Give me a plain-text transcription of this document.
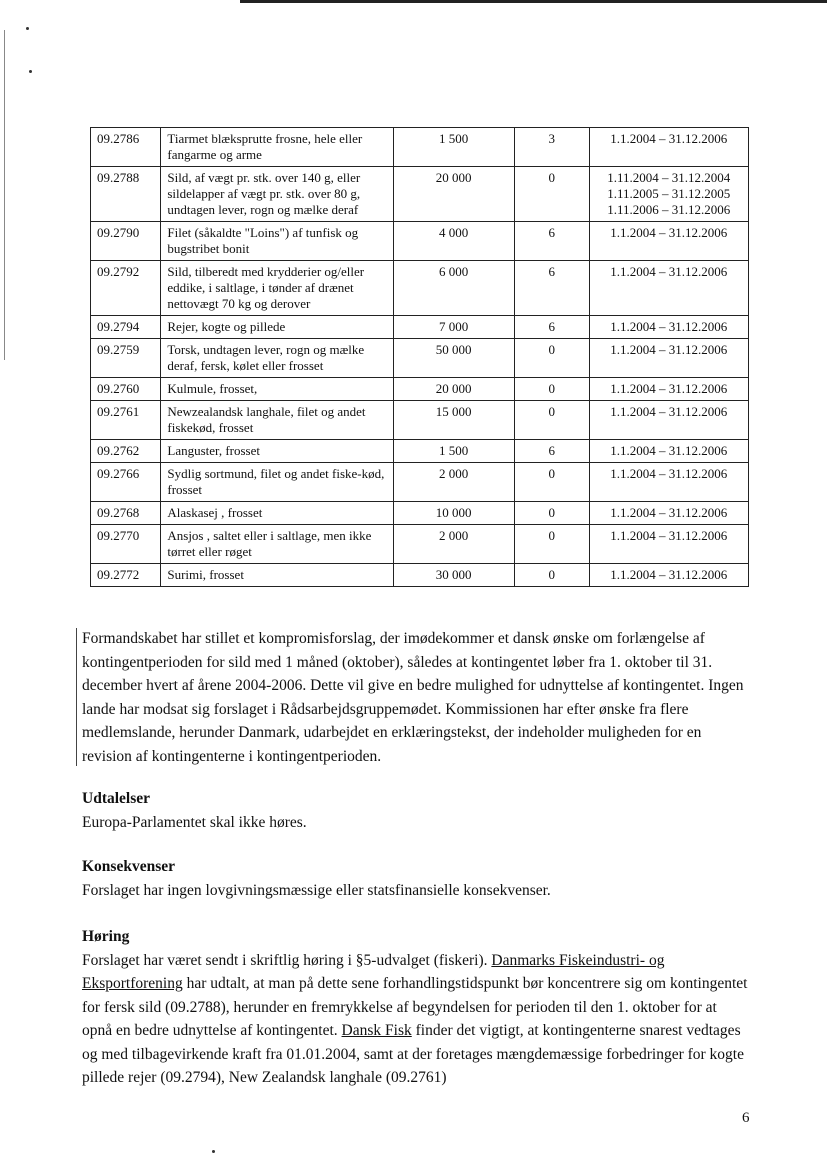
09.2786	Tiarmet blæksprutte frosne, hele eller fangarme og arme	1 500	3	1.1.2004 – 31.12.2006

09.2788	Sild, af vægt pr. stk. over 140 g, eller sildelapper af vægt pr. stk. over 80 g, undtagen lever, rogn og mælke deraf	20 000	0	1.11.2004 – 31.12.2004
1.11.2005 – 31.12.2005
1.11.2006 – 31.12.2006

09.2790	Filet (såkaldte "Loins") af tunfisk og bugstribet bonit	4 000	6	1.1.2004 – 31.12.2006

09.2792	Sild, tilberedt med krydderier og/eller eddike, i saltlage, i tønder af drænet nettovægt 70 kg og derover	6 000	6	1.1.2004 – 31.12.2006

09.2794	Rejer, kogte og pillede	7 000	6	1.1.2004 – 31.12.2006

09.2759	Torsk, undtagen lever, rogn og mælke deraf, fersk, kølet eller frosset	50 000	0	1.1.2004 – 31.12.2006

09.2760	Kulmule, frosset,	20 000	0	1.1.2004 – 31.12.2006

09.2761	Newzealandsk langhale, filet og andet fiskekød, frosset	15 000	0	1.1.2004 – 31.12.2006

09.2762	Languster, frosset	1 500	6	1.1.2004 – 31.12.2006

09.2766	Sydlig sortmund, filet og andet fiske-kød, frosset	2 000	0	1.1.2004 – 31.12.2006

09.2768	Alaskasej , frosset	10 000	0	1.1.2004 – 31.12.2006

09.2770	Ansjos , saltet eller i saltlage, men ikke tørret eller røget	2 000	0	1.1.2004 – 31.12.2006

09.2772	Surimi, frosset	30 000	0	1.1.2004 – 31.12.2006

Formandskabet har stillet et kompromisforslag, der imødekommer et dansk ønske om forlængelse af kontingentperioden for sild med 1 måned (oktober), således at kontingentet løber fra 1. oktober til 31. december hvert af årene 2004-2006. Dette vil give en bedre mulighed for udnyttelse af kontingentet. Ingen lande har modsat sig forslaget i Rådsarbejdsgruppemødet. Kommissionen har efter ønske fra flere medlemslande, herunder Danmark, udarbejdet en erklæringstekst, der indeholder muligheden for en revision af kontingenterne i kontingentperioden.

Udtalelser

Europa-Parlamentet skal ikke høres.

Konsekvenser

Forslaget har ingen lovgivningsmæssige eller statsfinansielle konsekvenser.

Høring

Forslaget har været sendt i skriftlig høring i §5-udvalget (fiskeri). Danmarks Fiskeindustri- og Eksportforening har udtalt, at man på dette sene forhandlingstidspunkt bør koncentrere sig om kontingentet for fersk sild (09.2788), herunder en fremrykkelse af begyndelsen for perioden til den 1. oktober for at opnå en bedre udnyttelse af kontingentet. Dansk Fisk finder det vigtigt, at kontingenterne snarest vedtages og med tilbagevirkende kraft fra 01.01.2004, samt at der foretages mængdemæssige forbedringer for kogte pillede rejer (09.2794), New Zealandsk langhale (09.2761)

6
